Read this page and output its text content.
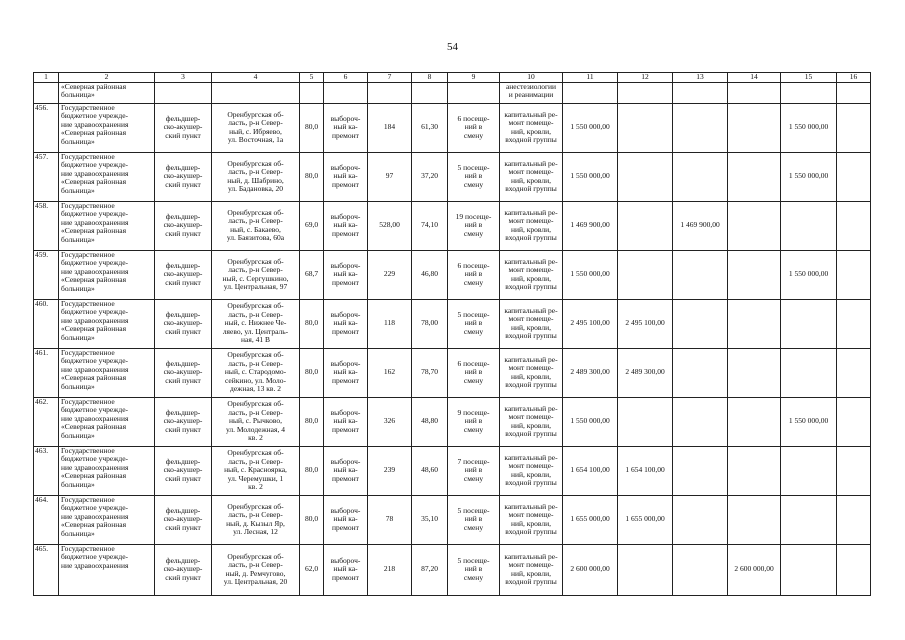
54
1	2	3	4	5	6	7	8	9	10	11	12	13	14	15	16
	«Северная районная
больница»								анестезиологии
и реанимации						
456.	Государственное
бюджетное учрежде-
ние здравоохранения
«Северная районная
больница»	фельдшер-
ско-акушер-
ский пункт	Оренбургская об-
ласть, р-н Север-
ный, с. Ибряево,
ул. Восточная, 1а	80,0	выбороч-
ный ка-
премонт	184	61,30	6 посеще-
ний в
смену	капитальный ре-
монт помеще-
ний, кровли,
входной группы	1 550 000,00				1 550 000,00	
457.	Государственное
бюджетное учрежде-
ние здравоохранения
«Северная районная
больница»	фельдшер-
ско-акушер-
ский пункт	Оренбургская об-
ласть, р-н Север-
ный, д. Шабрино,
ул. Бадановка, 20	80,0	выбороч-
ный ка-
премонт	97	37,20	5 посеще-
ний в
смену	капитальный ре-
монт помеще-
ний, кровли,
входной группы	1 550 000,00				1 550 000,00	
458.	Государственное
бюджетное учрежде-
ние здравоохранения
«Северная районная
больница»	фельдшер-
ско-акушер-
ский пункт	Оренбургская об-
ласть, р-н Север-
ный, с. Бакаево,
ул. Баязитова, 60а	69,0	выбороч-
ный ка-
премонт	528,00	74,10	19 посеще-
ний в
смену	капитальный ре-
монт помеще-
ний, кровли,
входной группы	1 469 900,00		1 469 900,00			
459.	Государственное
бюджетное учрежде-
ние здравоохранения
«Северная районная
больница»	фельдшер-
ско-акушер-
ский пункт	Оренбургская об-
ласть, р-н Север-
ный, с. Сергушкино,
ул. Центральная, 97	68,7	выбороч-
ный ка-
премонт	229	46,80	6 посеще-
ний в
смену	капитальный ре-
монт помеще-
ний, кровли,
входной группы	1 550 000,00				1 550 000,00	
460.	Государственное
бюджетное учрежде-
ние здравоохранения
«Северная районная
больница»	фельдшер-
ско-акушер-
ский пункт	Оренбургская об-
ласть, р-н Север-
ный, с. Нижнее Че-
ляево, ул. Централь-
ная, 41 В	80,0	выбороч-
ный ка-
премонт	118	78,00	5 посеще-
ний в
смену	капитальный ре-
монт помеще-
ний, кровли,
входной группы	2 495 100,00	2 495 100,00				
461.	Государственное
бюджетное учрежде-
ние здравоохранения
«Северная районная
больница»	фельдшер-
ско-акушер-
ский пункт	Оренбургская об-
ласть, р-н Север-
ный, с. Стародомо-
сейкино, ул. Моло-
дежная, 13 кв. 2	80,0	выбороч-
ный ка-
премонт	162	78,70	6 посеще-
ний в
смену	капитальный ре-
монт помеще-
ний, кровли,
входной группы	2 489 300,00	2 489 300,00				
462.	Государственное
бюджетное учрежде-
ние здравоохранения
«Северная районная
больница»	фельдшер-
ско-акушер-
ский пункт	Оренбургская об-
ласть, р-н Север-
ный, с. Рычково,
ул. Молодежная, 4
кв. 2	80,0	выбороч-
ный ка-
премонт	326	48,80	9 посеще-
ний в
смену	капитальный ре-
монт помеще-
ний, кровли,
входной группы	1 550 000,00				1 550 000,00	
463.	Государственное
бюджетное учрежде-
ние здравоохранения
«Северная районная
больница»	фельдшер-
ско-акушер-
ский пункт	Оренбургская об-
ласть, р-н Север-
ный, с. Красноярка,
ул. Черемушки, 1
кв. 2	80,0	выбороч-
ный ка-
премонт	239	48,60	7 посеще-
ний в
смену	капитальный ре-
монт помеще-
ний, кровли,
входной группы	1 654 100,00	1 654 100,00				
464.	Государственное
бюджетное учрежде-
ние здравоохранения
«Северная районная
больница»	фельдшер-
ско-акушер-
ский пункт	Оренбургская об-
ласть, р-н Север-
ный, д. Кызыл Яр,
ул. Лесная, 12	80,0	выбороч-
ный ка-
премонт	78	35,10	5 посеще-
ний в
смену	капитальный ре-
монт помеще-
ний, кровли,
входной группы	1 655 000,00	1 655 000,00				
465.	Государственное
бюджетное учрежде-
ние здравоохранения	фельдшер-
ско-акушер-
ский пункт	Оренбургская об-
ласть, р-н Север-
ный, д. Ремчугово,
ул. Центральная, 20	62,0	выбороч-
ный ка-
премонт	218	87,20	5 посеще-
ний в
смену	капитальный ре-
монт помеще-
ний, кровли,
входной группы	2 600 000,00			2 600 000,00		
